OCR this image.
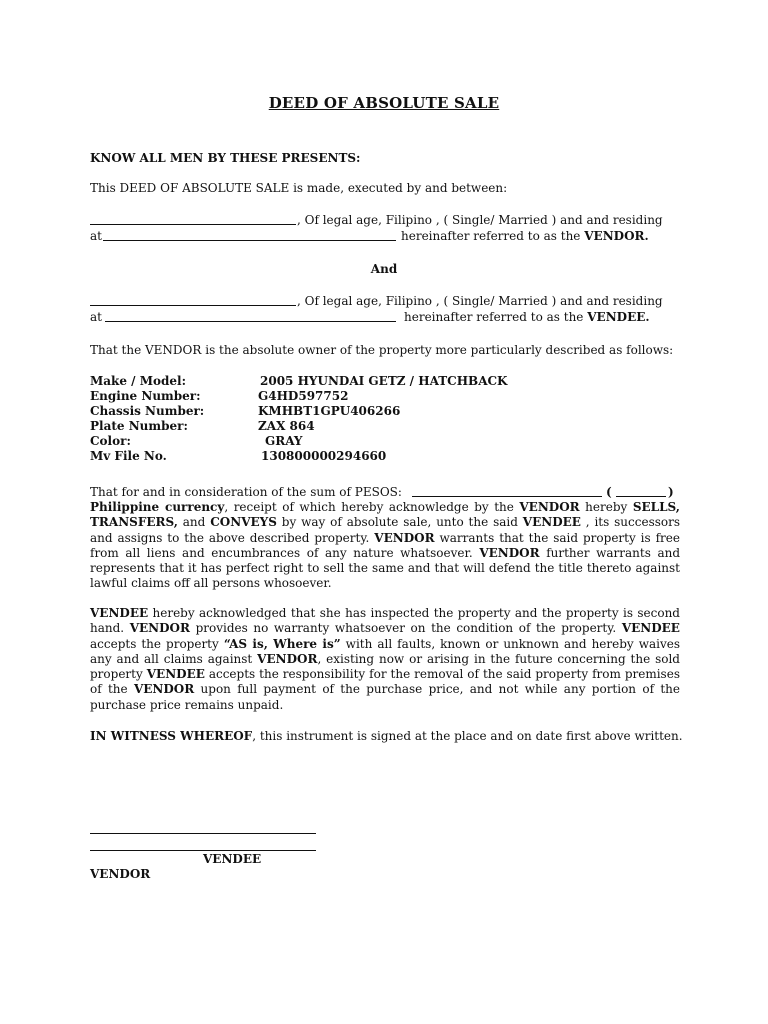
DEED OF ABSOLUTE SALE
KNOW ALL MEN BY THESE PRESENTS:
This DEED OF ABSOLUTE SALE is made, executed by and between:
, Of legal age, Filipino , ( Single/ Married ) and and residing
at	hereinafter referred to as the VENDOR.
And
, Of legal age, Filipino , ( Single/ Married ) and and residing
at	hereinafter referred to as the VENDEE.
That the VENDOR is the absolute owner of the property more particularly described as follows:
Make / Model:	2005 HYUNDAI GETZ / HATCHBACK
Engine Number:	G4HD597752
Chassis Number:	KMHBT1GPU406266
Plate Number:	ZAX 864
Color:	GRAY
Mv File No.	130800000294660
That for and in consideration of the sum of PESOS:	(	)
Philippine currency, receipt of which hereby acknowledge by the VENDOR hereby SELLS, TRANSFERS, and CONVEYS by way of absolute sale, unto the said VENDEE , its successors and assigns to the above described property. VENDOR warrants that the said property is free from all liens and encumbrances of any nature whatsoever. VENDOR further warrants and represents that it has perfect right to sell the same and that will defend the title thereto against lawful claims off all persons whosoever.
VENDEE hereby acknowledged that she has inspected the property and the property is second hand. VENDOR provides no warranty whatsoever on the condition of the property. VENDEE accepts the property “AS is, Where is” with all faults, known or unknown and hereby waives any and all claims against VENDOR, existing now or arising in the future concerning the sold property VENDEE accepts the responsibility for the removal of the said property from premises of the VENDOR upon full payment of the purchase price, and not while any portion of the purchase price remains unpaid.
IN WITNESS WHEREOF, this instrument is signed at the place and on date first above written.
VENDEE
VENDOR
